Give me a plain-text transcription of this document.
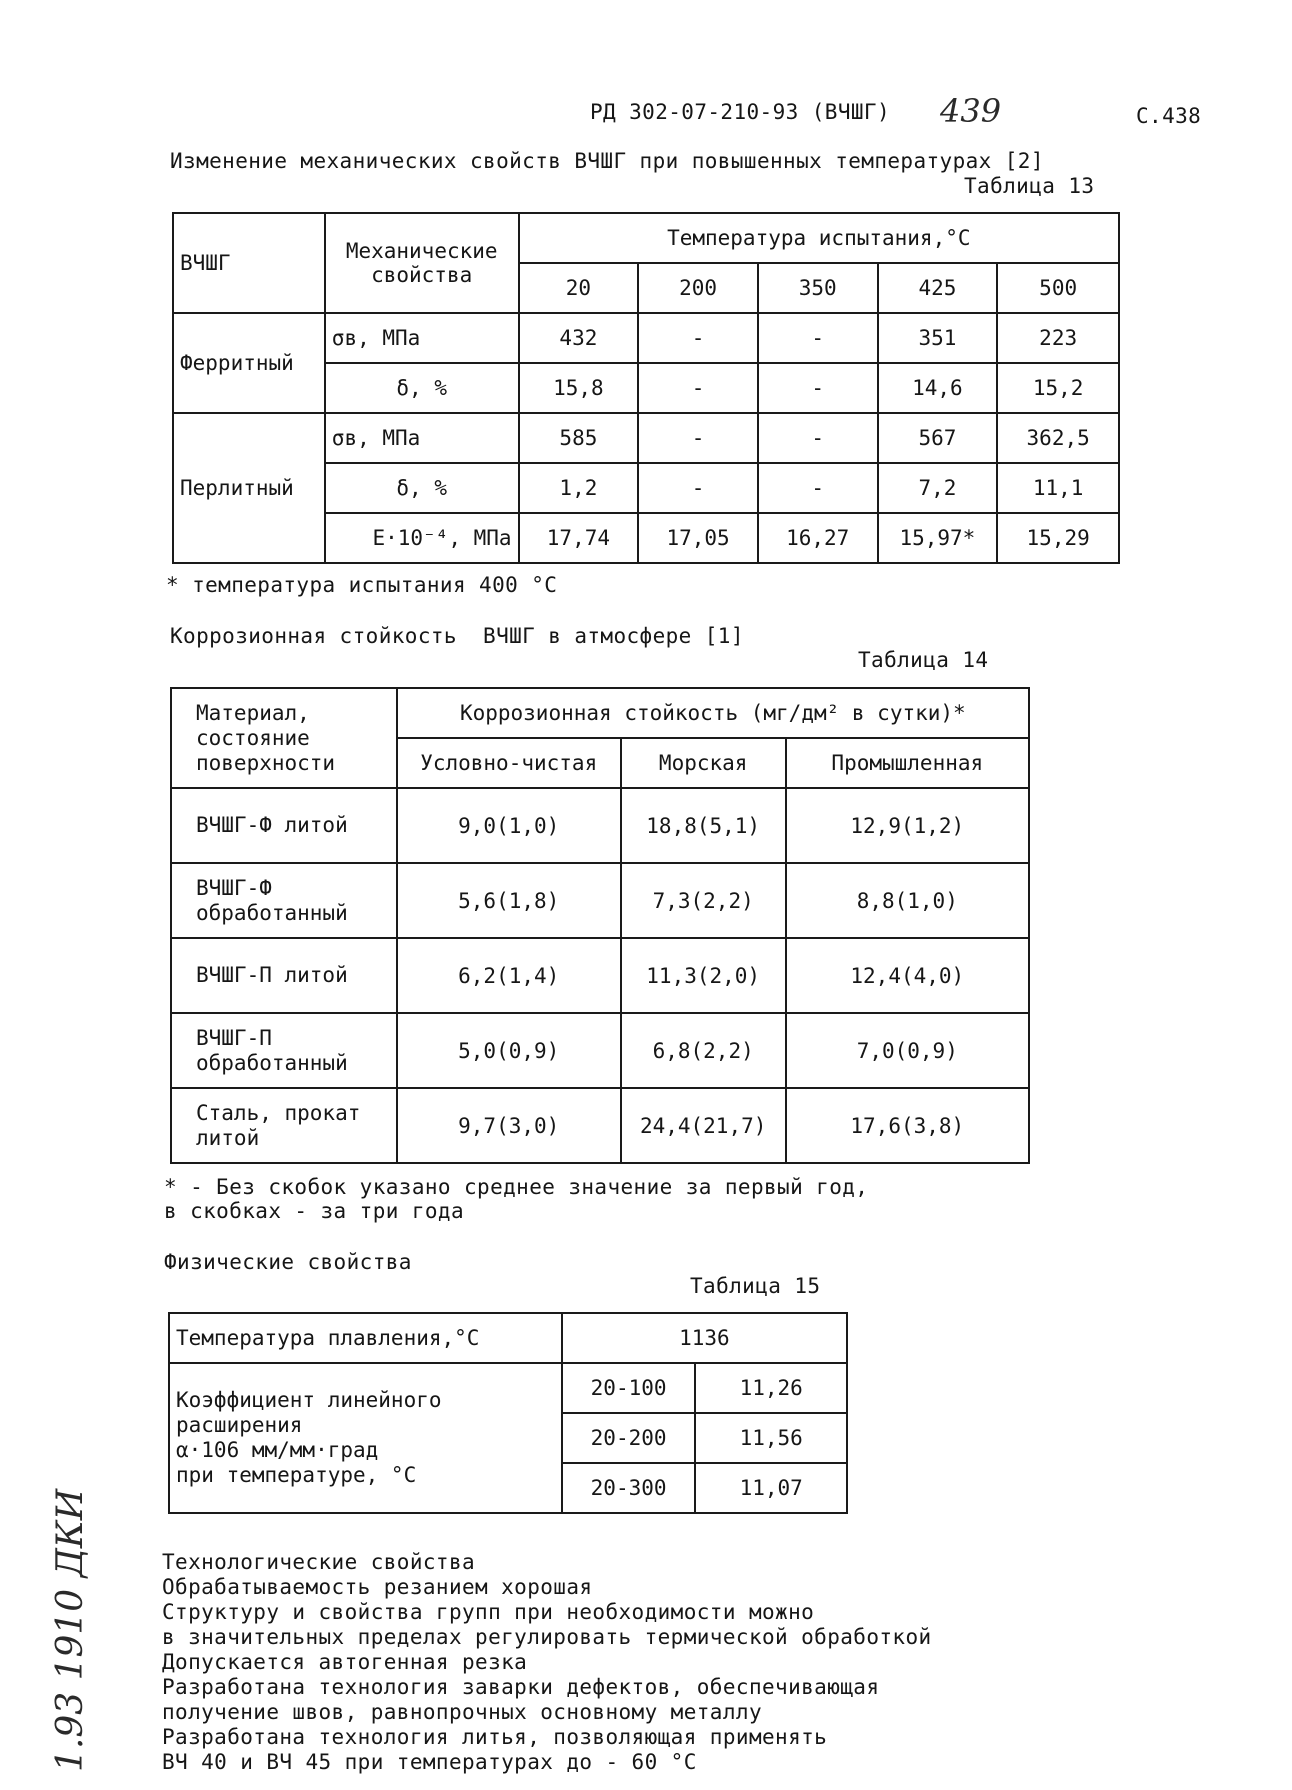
РД 302-07-210-93 (ВЧШГ) 439	С.438
Изменение механических свойств ВЧШГ при повышенных температурах [2]
Таблица 13
ВЧШГ	Механические свойства	Температура испытания,°С				
		20	200	350	425	500
Ферритный	σв, МПа	432	-	-	351	223
	δ, %	15,8	-	-	14,6	15,2
Перлитный	σв, МПа	585	-	-	567	362,5
	δ, %	1,2	-	-	7,2	11,1
	E·10⁻⁴, МПа	17,74	17,05	16,27	15,97*	15,29
* температура испытания 400 °С
Коррозионная стойкость  ВЧШГ в атмосфере [1]
Таблица 14
Материал, состояние поверхности	Коррозионная стойкость (мг/дм² в сутки)*		
	Условно-чистая	Морская	Промышленная
ВЧШГ-Ф литой	9,0(1,0)	18,8(5,1)	12,9(1,2)
ВЧШГ-Ф обработанный	5,6(1,8)	7,3(2,2)	8,8(1,0)
ВЧШГ-П литой	6,2(1,4)	11,3(2,0)	12,4(4,0)
ВЧШГ-П обработанный	5,0(0,9)	6,8(2,2)	7,0(0,9)
Сталь, прокат литой	9,7(3,0)	24,4(21,7)	17,6(3,8)
* - Без скобок указано среднее значение за первый год,
в скобках - за три года
Физические свойства
Таблица 15
Температура плавления,°С	1136	
Коэффициент линейного расширения
α·106 мм/мм·град
при температуре, °С	20-100	11,26
	20-200	11,56
	20-300	11,07
Технологические свойства
Обрабатываемость резанием хорошая
Структуру и свойства групп при необходимости можно
в значительных пределах регулировать термической обработкой
Допускается автогенная резка
Разработана технология заварки дефектов, обеспечивающая
получение швов, равнопрочных основному металлу
Разработана технология литья, позволяющая применять
ВЧ 40 и ВЧ 45 при температурах до - 60 °С
1.93 1910 ДКИ
